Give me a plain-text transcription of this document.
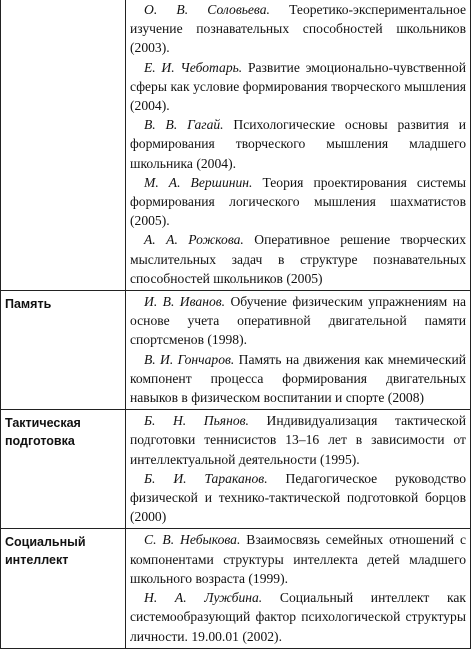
	О. В. Соловьева. Теоретико-экспериментальное изучение познавательных способностей школьников (2003).

Е. И. Чеботарь. Развитие эмоционально-чувственной сферы как условие формирования творческого мышления (2004).

В. В. Гагай. Психологические основы развития и формирования творческого мышления младшего школьника (2004).

М. А. Вершинин. Теория проектирования системы формирования логического мышления шахматистов (2005).

А. А. Рожкова. Оперативное решение творческих мыслительных задач в структуре познавательных способностей школьников (2005)

Память	И. В. Иванов. Обучение физическим упражнениям на основе учета оперативной двигательной памяти спортсменов (1998).

В. И. Гончаров. Память на движения как мнемический компонент процесса формирования двигательных навыков в физическом воспитании и спорте (2008)

Тактическая подготовка	Б. Н. Пьянов. Индивидуализация тактической подготовки теннисистов 13–16 лет в зависимости от интеллектуальной деятельности (1995).

Б. И. Тараканов. Педагогическое руководство физической и технико-тактической подготовкой борцов (2000)

Социальный интеллект	С. В. Небыкова. Взаимосвязь семейных отношений с компонентами структуры интеллекта детей младшего школьного возраста (1999).

Н. А. Лужбина. Социальный интеллект как системообразующий фактор психологической структуры личности. 19.00.01 (2002).
